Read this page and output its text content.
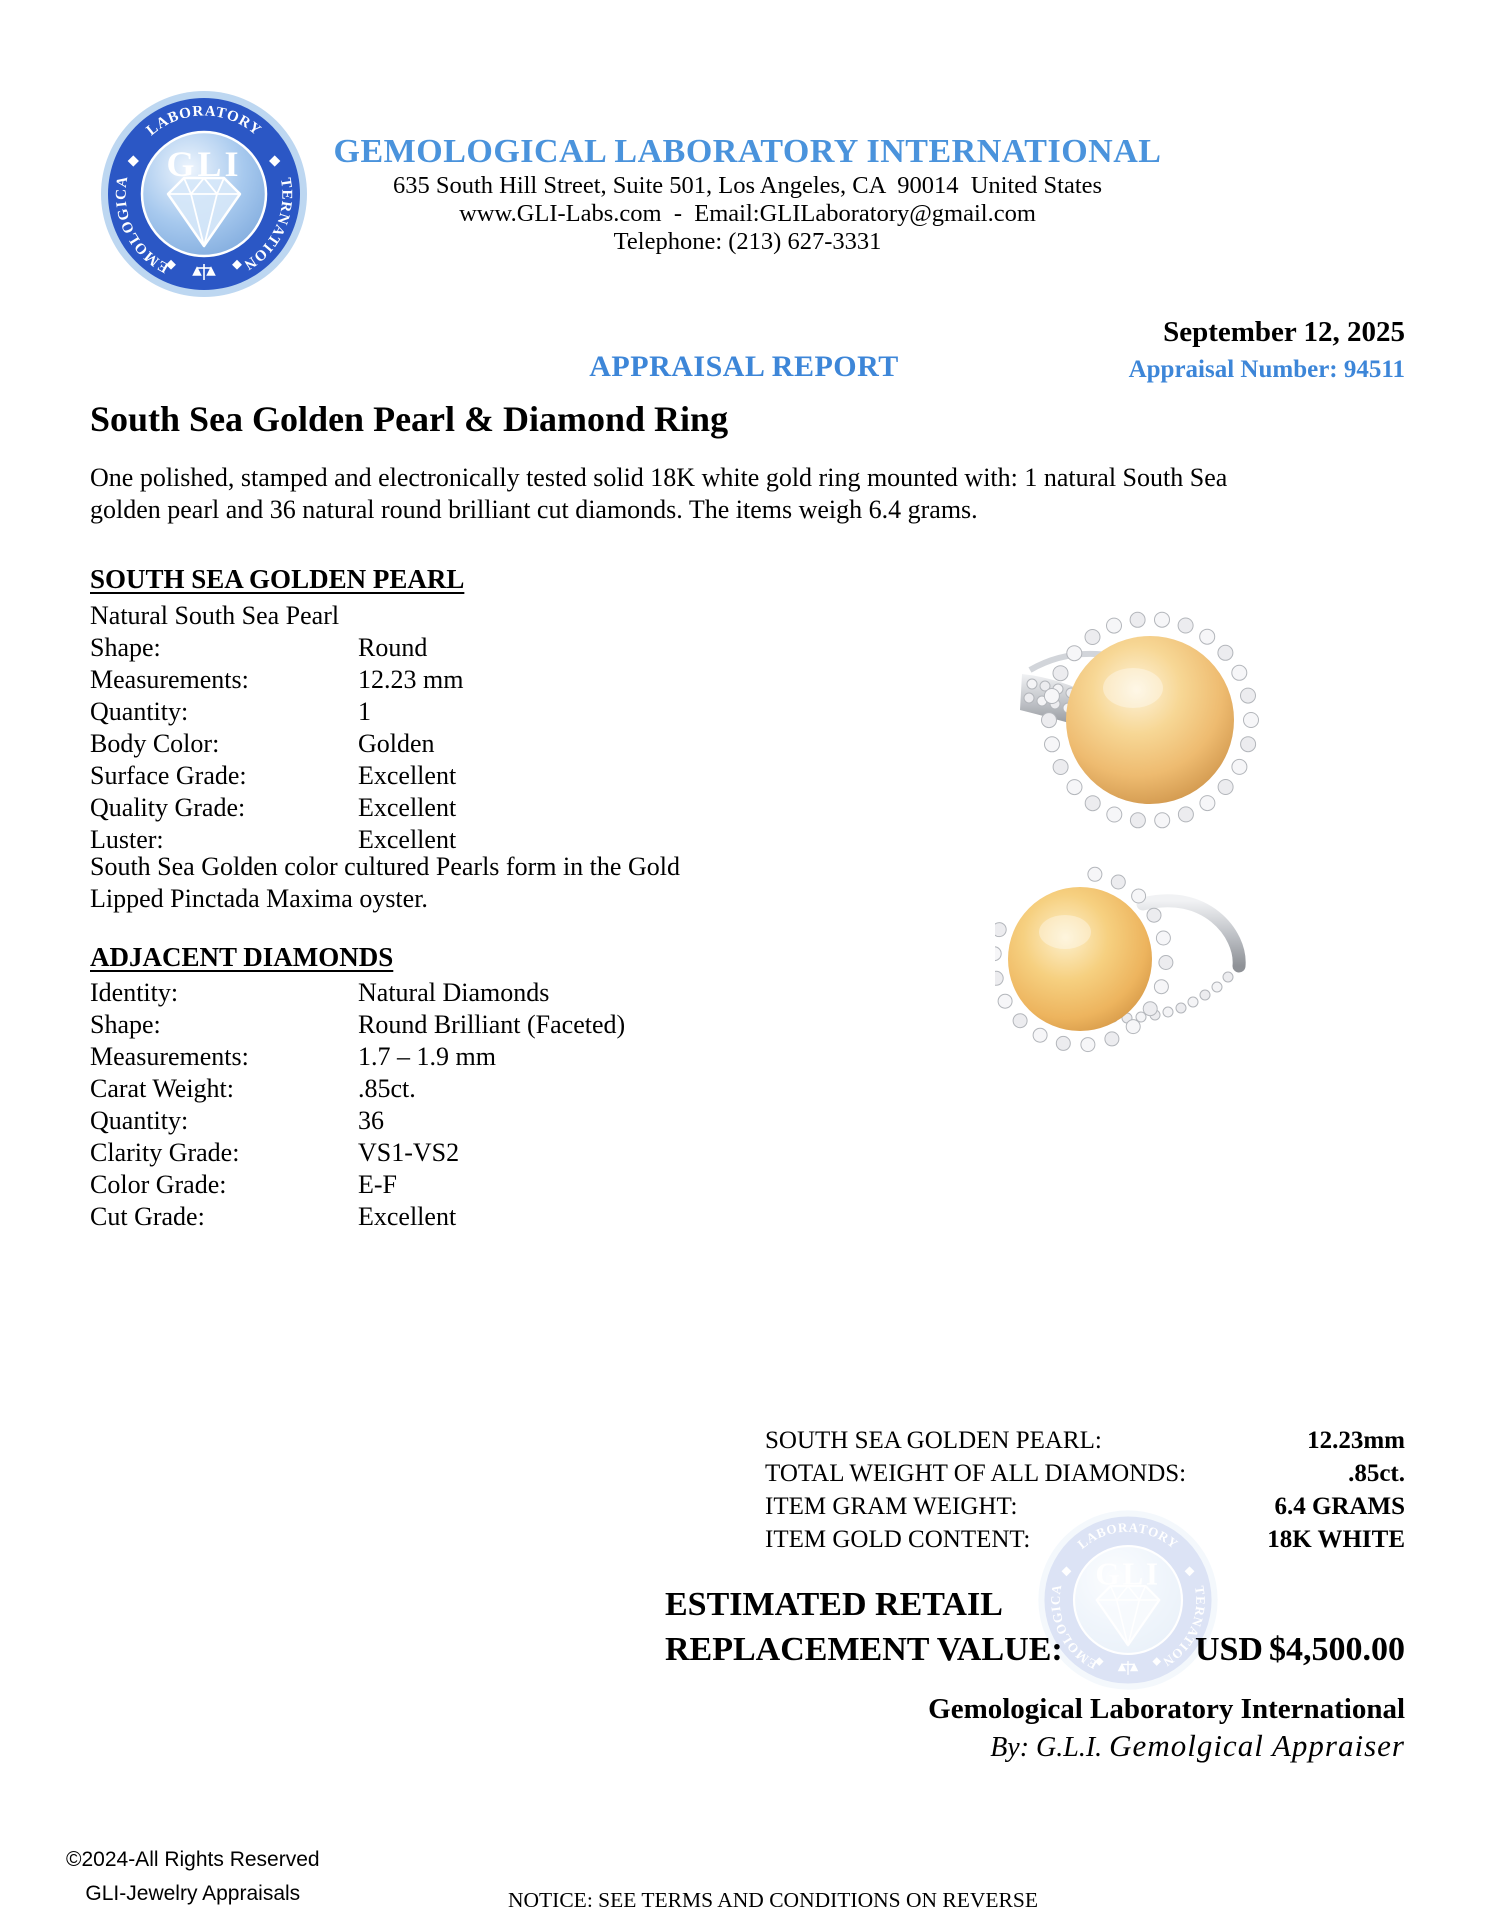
GEMOLOGICAL LABORATORY INTERNATIONAL
635 South Hill Street, Suite 501, Los Angeles, CA  90014  United States
www.GLI-Labs.com  -  Email:GLILaboratory@gmail.com
Telephone: (213) 627-3331
September 12, 2025
APPRAISAL REPORT	Appraisal Number: 94511
South Sea Golden Pearl & Diamond Ring
One polished, stamped and electronically tested solid 18K white gold ring mounted with: 1 natural South Sea
golden pearl and 36 natural round brilliant cut diamonds. The items weigh 6.4 grams.
SOUTH SEA GOLDEN PEARL
Natural South Sea Pearl
Shape:	Round
Measurements:	12.23 mm
Quantity:	1
Body Color:	Golden
Surface Grade:	Excellent
Quality Grade:	Excellent
Luster:	Excellent
South Sea Golden color cultured Pearls form in the Gold
Lipped Pinctada Maxima oyster.
ADJACENT DIAMONDS
Identity:	Natural Diamonds
Shape:	Round Brilliant (Faceted)
Measurements:	1.7 – 1.9 mm
Carat Weight:	.85ct.
Quantity:	36
Clarity Grade:	VS1-VS2
Color Grade:	E-F
Cut Grade:	Excellent
SOUTH SEA GOLDEN PEARL:	12.23mm
TOTAL WEIGHT OF ALL DIAMONDS:	.85ct.
ITEM GRAM WEIGHT:	6.4 GRAMS
ITEM GOLD CONTENT:	18K WHITE
ESTIMATED RETAIL
REPLACEMENT VALUE:	USD $4,500.00
Gemological Laboratory International
By: G.L.I. Gemolgical Appraiser
©2024-All Rights Reserved
GLI-Jewelry Appraisals	NOTICE: SEE TERMS AND CONDITIONS ON REVERSE
